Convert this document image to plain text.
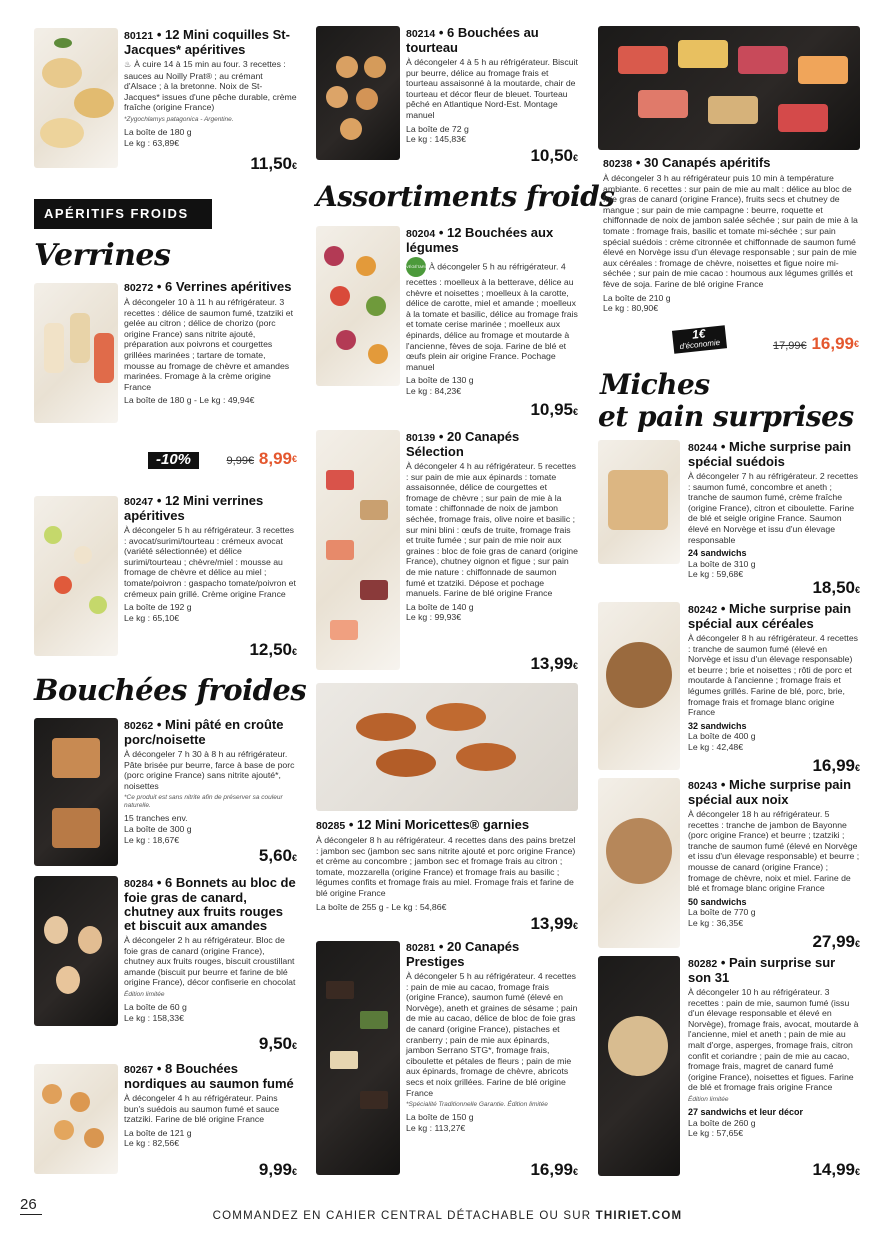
APÉRITIFS FROIDS
Verrines
Bouchées froides
Assortiments froids
Miches
et pain surprises
80121 • 12 Mini coquilles St-Jacques* apéritives
♨ À cuire 14 à 15 min au four. 3 recettes : sauces au Noilly Prat® ; au crémant d'Alsace ; à la bretonne. Noix de St-Jacques* issues d'une pêche durable, crème fraîche (origine France)
*Zygochlamys patagonica - Argentine.
La boîte de 180 g
Le kg : 63,89€
11,50€
80272 • 6 Verrines apéritives
À décongeler 10 à 11 h au réfrigérateur. 3 recettes : délice de saumon fumé, tzatziki et gelée au citron ; délice de chorizo (porc origine France) sans nitrite ajouté, préparation aux poivrons et courgettes grillées marinées ; tartare de tomate, mousse au fromage de chèvre et amandes marinées. Fromage à la crème origine France
La boîte de 180 g - Le kg : 49,94€
-10%	9,99€ 8,99€
80247 • 12 Mini verrines apéritives
À décongeler 5 h au réfrigérateur. 3 recettes : avocat/surimi/tourteau : crémeux avocat (variété sélectionnée) et délice surimi/tourteau ; chèvre/miel : mousse au fromage de chèvre et délice au miel ; tomate/poivron : gaspacho tomate/poivron et crémeux pain grillé. Crème origine France
La boîte de 192 g
Le kg : 65,10€
12,50€
80262 • Mini pâté en croûte porc/noisette
À décongeler 7 h 30 à 8 h au réfrigérateur. Pâte brisée pur beurre, farce à base de porc (porc origine France) sans nitrite ajouté*, noisettes
*Ce produit est sans nitrite afin de préserver sa couleur naturelle.
15 tranches env.
La boîte de 300 g
Le kg : 18,67€
5,60€
80284 • 6 Bonnets au bloc de foie gras de canard, chutney aux fruits rouges et biscuit aux amandes
À décongeler 2 h au réfrigérateur. Bloc de foie gras de canard (origine France), chutney aux fruits rouges, biscuit croustillant amande (biscuit pur beurre et farine de blé origine France), décor confiserie en chocolat
Édition limitée
La boîte de 60 g
Le kg : 158,33€
9,50€
80267 • 8 Bouchées nordiques au saumon fumé
À décongeler 4 h au réfrigérateur. Pains bun's suédois au saumon fumé et sauce tzatziki. Farine de blé origine France
La boîte de 121 g
Le kg : 82,56€
9,99€
80214 • 6 Bouchées au tourteau
À décongeler 4 à 5 h au réfrigérateur. Biscuit pur beurre, délice au fromage frais et tourteau assaisonné à la moutarde, chair de tourteau et décor fleur de bleuet. Tourteau pêché en Atlantique Nord-Est. Montage manuel
La boîte de 72 g
Le kg : 145,83€
10,50€
80204 • 12 Bouchées aux légumes
VÉGÉTARIENÀ décongeler 5 h au réfrigérateur. 4 recettes : moelleux à la betterave, délice au chèvre et noisettes ; moelleux à la carotte, délice de carotte, miel et amande ; moelleux à la tomate et basilic, délice au fromage frais et tomate cerise marinée ; moelleux aux épinards, délice au fromage et moutarde à l'ancienne, fèves de soja. Farine de blé et œufs plein air origine France. Pochage manuel
La boîte de 130 g
Le kg : 84,23€
10,95€
80139 • 20 Canapés Sélection
À décongeler 4 h au réfrigérateur. 5 recettes : sur pain de mie aux épinards : tomate assaisonnée, délice de courgettes et fromage de chèvre ; sur pain de mie à la tomate : chiffonnade de noix de jambon séchée, fromage frais, olive noire et basilic ; sur mini blini : œufs de truite, fromage frais et truite fumée ; sur pain de mie noir aux graines : bloc de foie gras de canard (origine France), chutney oignon et figue ; sur pain de mie nature : chiffonnade de saumon fumé et tzatziki. Dépose et pochage manuels. Farine de blé origine France
La boîte de 140 g
Le kg : 99,93€
13,99€
80285 • 12 Mini Moricettes® garnies
À décongeler 8 h au réfrigérateur. 4 recettes dans des pains bretzel : jambon sec (jambon sec sans nitrite ajouté et porc origine France) et crème au concombre ; jambon sec et fromage frais au citron ; tomate, mozzarella (origine France) et fromage frais au basilic ; légumes confits et fromage frais au miel. Fromage frais et farine de blé origine France
La boîte de 255 g - Le kg : 54,86€
13,99€
80281 • 20 Canapés Prestiges
À décongeler 5 h au réfrigérateur. 4 recettes : pain de mie au cacao, fromage frais (origine France), saumon fumé (élevé en Norvège), aneth et graines de sésame ; pain de mie au cacao, délice de bloc de foie gras de canard (origine France), pistaches et cranberry ; pain de mie aux épinards, jambon Serrano STG*, fromage frais, ciboulette et pétales de fleurs ; pain de mie aux épinards, fromage de chèvre, abricots secs et noix grillées. Farine de blé origine France
*Spécialité Traditionnelle Garantie. Édition limitée
La boîte de 150 g
Le kg : 113,27€
16,99€
80238 • 30 Canapés apéritifs
À décongeler 3 h au réfrigérateur puis 10 min à température ambiante. 6 recettes : sur pain de mie au malt : délice au bloc de foie gras de canard (origine France), fruits secs et chutney de mangue ; sur pain de mie campagne : beurre, roquette et chiffonnade de noix de jambon salée séchée ; sur pain de mie à la tomate : fromage frais, basilic et tomate mi-séchée ; sur pain spécial suédois : crème citronnée et chiffonnade de saumon fumé élevé en Norvège issu d'un élevage responsable ; sur pain de mie aux céréales : fromage de chèvre, noisettes et figue noire mi-séchée ; sur pain de mie cacao : houmous aux légumes grillés et fève de soja. Farine de blé origine France
La boîte de 210 g
Le kg : 80,90€
1€
d'économie	17,99€ 16,99€
80244 • Miche surprise pain spécial suédois
À décongeler 7 h au réfrigérateur. 2 recettes : saumon fumé, concombre et aneth ; tranche de saumon fumé, crème fraîche (origine France), citron et ciboulette. Farine de blé et seigle origine France. Saumon élevé en Norvège et issu d'un élevage responsable
24 sandwichs
La boîte de 310 g
Le kg : 59,68€
18,50€
80242 • Miche surprise pain spécial aux céréales
À décongeler 8 h au réfrigérateur. 4 recettes : tranche de saumon fumé (élevé en Norvège et issu d'un élevage responsable) et beurre ; brie et noisettes ; rôti de porc et moutarde à l'ancienne ; fromage frais et légumes grillés. Farine de blé, porc, brie, fromage frais et fromage blanc origine France
32 sandwichs
La boîte de 400 g
Le kg : 42,48€
16,99€
80243 • Miche surprise pain spécial aux noix
À décongeler 18 h au réfrigérateur. 5 recettes : tranche de jambon de Bayonne (porc origine France) et beurre ; tzatziki ; tranche de saumon fumé (élevé en Norvège et issu d'un élevage responsable) et beurre ; mousse de canard (origine France) ; fromage de chèvre, noix et miel. Farine de blé et fromage blanc origine France
50 sandwichs
La boîte de 770 g
Le kg : 36,35€
27,99€
80282 • Pain surprise sur son 31
À décongeler 10 h au réfrigérateur. 3 recettes : pain de mie, saumon fumé (issu d'un élevage responsable et élevé en Norvège), fromage frais, avocat, moutarde à l'ancienne, miel et aneth ; pain de mie au malt d'orge, asperges, fromage frais, citron confit et coriandre ; pain de mie au cacao, fromage frais, magret de canard fumé (origine France), noisettes et figues. Farine de blé et fromage frais origine France
Édition limitée
27 sandwichs et leur décor
La boîte de 260 g
Le kg : 57,65€
14,99€
26
COMMANDEZ EN CAHIER CENTRAL DÉTACHABLE OU SUR THIRIET.COM
